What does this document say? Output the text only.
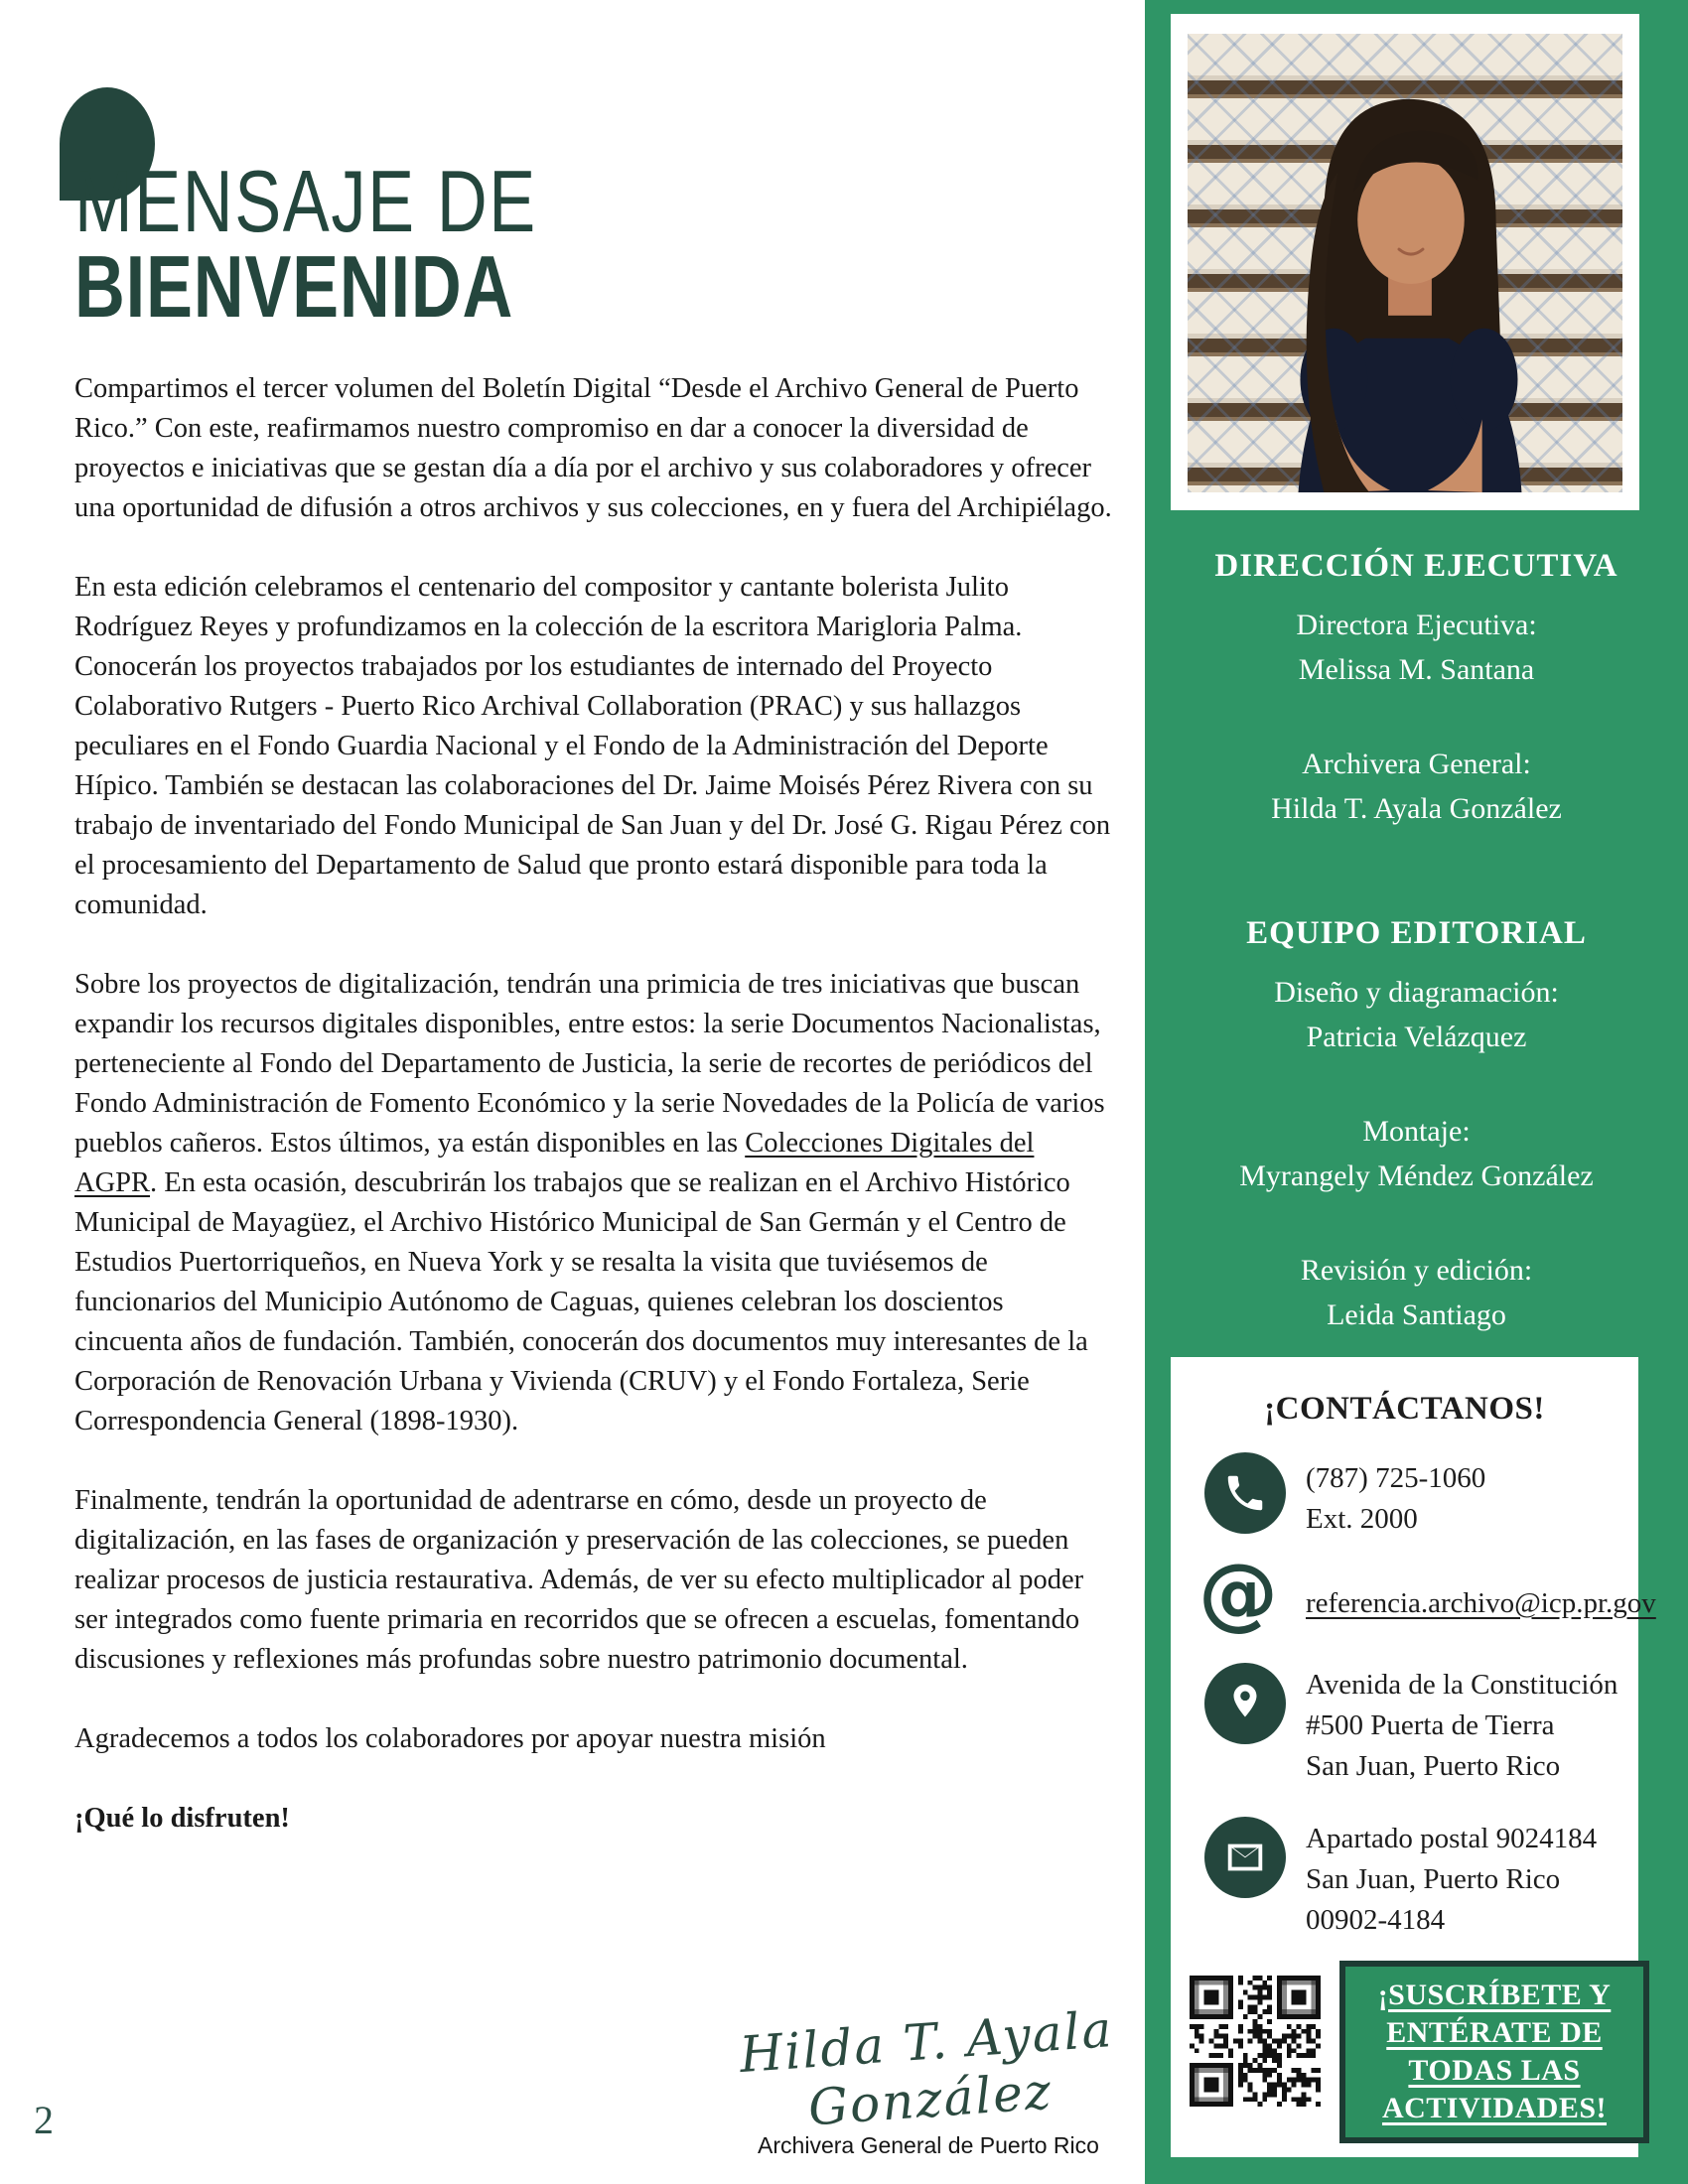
MENSAJE DE
BIENVENIDA

Compartimos el tercer volumen del Boletín Digital “Desde el Archivo General de Puerto Rico.” Con este, reafirmamos nuestro compromiso en dar a conocer la diversidad de proyectos e iniciativas que se gestan día a día por el archivo y sus colaboradores y ofrecer una oportunidad de difusión a otros archivos y sus colecciones, en y fuera del Archipiélago.

En esta edición celebramos el centenario del compositor y cantante bolerista Julito Rodríguez Reyes y profundizamos en la colección de la escritora Marigloria Palma. Conocerán los proyectos trabajados por los estudiantes de internado del Proyecto Colaborativo Rutgers - Puerto Rico Archival Collaboration (PRAC) y sus hallazgos peculiares en el Fondo Guardia Nacional y el Fondo de la Administración del Deporte Hípico. También se destacan las colaboraciones del Dr. Jaime Moisés Pérez Rivera con su trabajo de inventariado del Fondo Municipal de San Juan y del Dr. José G. Rigau Pérez con el procesamiento del Departamento de Salud que pronto estará disponible para toda la comunidad.

Sobre los proyectos de digitalización, tendrán una primicia de tres iniciativas que buscan expandir los recursos digitales disponibles, entre estos: la serie Documentos Nacionalistas, perteneciente al Fondo del Departamento de Justicia, la serie de recortes de periódicos del Fondo Administración de Fomento Económico y la serie Novedades de la Policía de varios pueblos cañeros. Estos últimos, ya están disponibles en las Colecciones Digitales del AGPR. En esta ocasión, descubrirán los trabajos que se realizan en el Archivo Histórico Municipal de Mayagüez, el Archivo Histórico Municipal de San Germán y el Centro de Estudios Puertorriqueños, en Nueva York y se resalta la visita que tuviésemos de funcionarios del Municipio Autónomo de Caguas, quienes celebran los doscientos cincuenta años de fundación. También, conocerán dos documentos muy interesantes de la Corporación de Renovación Urbana y Vivienda (CRUV) y el Fondo Fortaleza, Serie Correspondencia General (1898-1930).

Finalmente, tendrán la oportunidad de adentrarse en cómo, desde un proyecto de digitalización, en las fases de organización y preservación de las colecciones, se pueden realizar procesos de justicia restaurativa. Además, de ver su efecto multiplicador al poder ser integrados como fuente primaria en recorridos que se ofrecen a escuelas, fomentando discusiones y reflexiones más profundas sobre nuestro patrimonio documental.

Agradecemos a todos los colaboradores por apoyar nuestra misión

¡Qué lo disfruten!

Hilda T. Ayala González
Archivera General de Puerto Rico
2

DIRECCIÓN EJECUTIVA

Directora Ejecutiva:
Melissa M. Santana
Archivera General:
Hilda T. Ayala González

EQUIPO EDITORIAL

Diseño y diagramación:
Patricia Velázquez
Montaje:
Myrangely Méndez González
Revisión y edición:
Leida Santiago

¡CONTÁCTANOS!

(787) 725-1060
Ext. 2000
@ referencia.archivo@icp.pr.gov
Avenida de la Constitución
#500 Puerta de Tierra
San Juan, Puerto Rico
Apartado postal 9024184
San Juan, Puerto Rico
00902-4184
¡SUSCRÍBETE Y
ENTÉRATE DE
TODAS LAS
ACTIVIDADES!
